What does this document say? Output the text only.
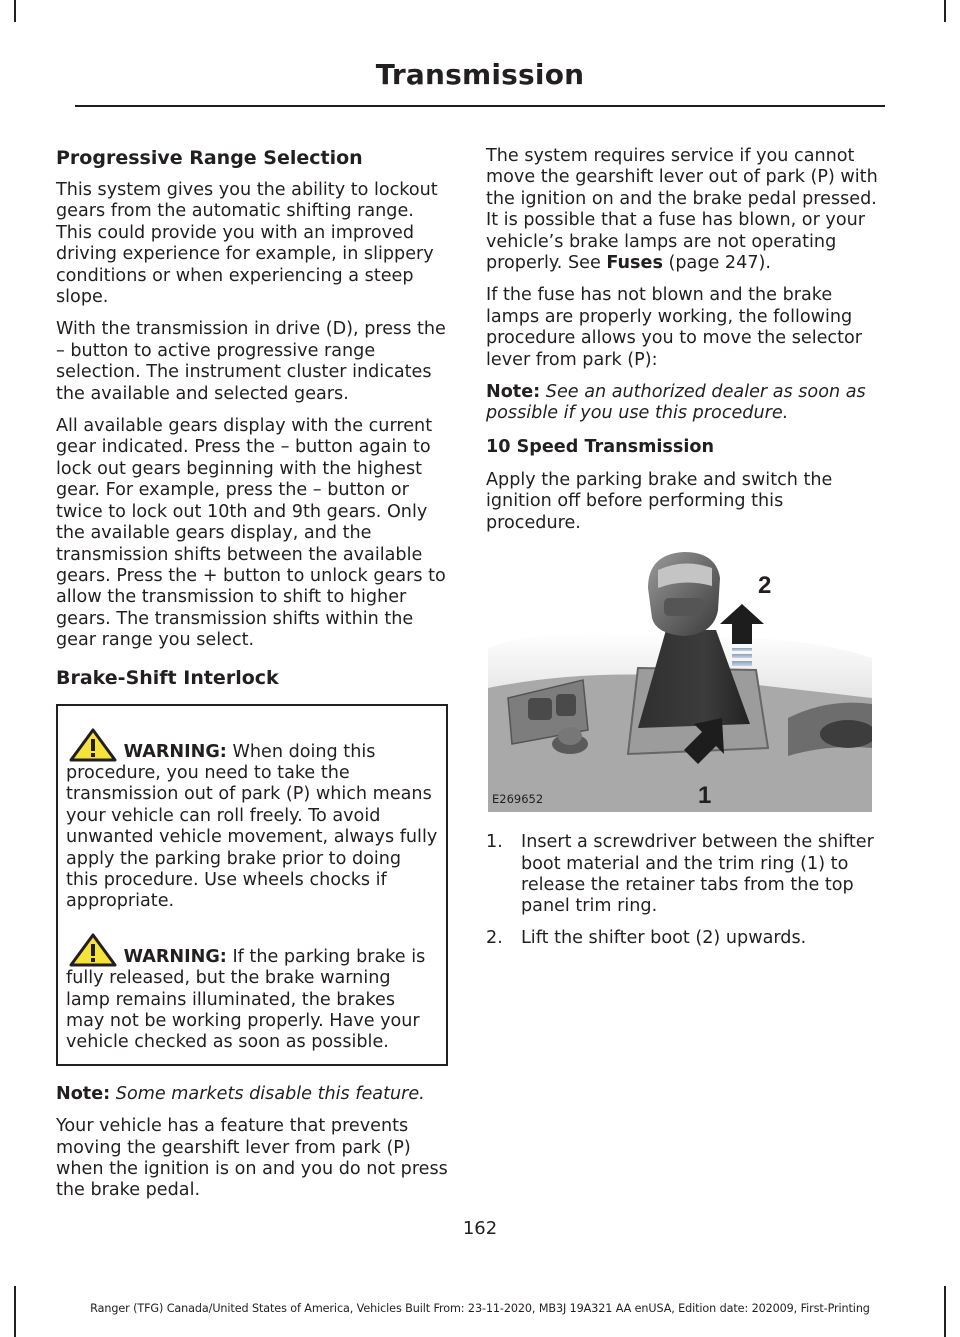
Transmission
Progressive Range Selection

This system gives you the ability to lockout gears from the automatic shifting range. This could provide you with an improved driving experience for example, in slippery conditions or when experiencing a steep slope.

With the transmission in drive (D), press the – button to active progressive range selection. The instrument cluster indicates the available and selected gears.

All available gears display with the current gear indicated. Press the – button again to lock out gears beginning with the highest gear. For example, press the – button or twice to lock out 10th and 9th gears. Only the available gears display, and the transmission shifts between the available gears. Press the + button to unlock gears to allow the transmission to shift to higher gears. The transmission shifts within the gear range you select.

Brake-Shift Interlock
WARNING: When doing this procedure, you need to take the transmission out of park (P) which means your vehicle can roll freely. To avoid unwanted vehicle movement, always fully apply the parking brake prior to doing this procedure. Use wheels chocks if appropriate.
WARNING: If the parking brake is fully released, but the brake warning lamp remains illuminated, the brakes may not be working properly. Have your vehicle checked as soon as possible.

Note: Some markets disable this feature.

Your vehicle has a feature that prevents moving the gearshift lever from park (P) when the ignition is on and you do not press the brake pedal.

The system requires service if you cannot move the gearshift lever out of park (P) with the ignition on and the brake pedal pressed. It is possible that a fuse has blown, or your vehicle’s brake lamps are not operating properly. See Fuses (page 247).

If the fuse has not blown and the brake lamps are properly working, the following procedure allows you to move the selector lever from park (P):

Note: See an authorized dealer as soon as possible if you use this procedure.

10 Speed Transmission

Apply the parking brake and switch the ignition off before performing this procedure.

2
1
E269652
1. Insert a screwdriver between the shifter boot material and the trim ring (1) to release the retainer tabs from the top panel trim ring.
2. Lift the shifter boot (2) upwards.
162
Ranger (TFG) Canada/United States of America, Vehicles Built From: 23-11-2020, MB3J 19A321 AA enUSA, Edition date: 202009, First-Printing
